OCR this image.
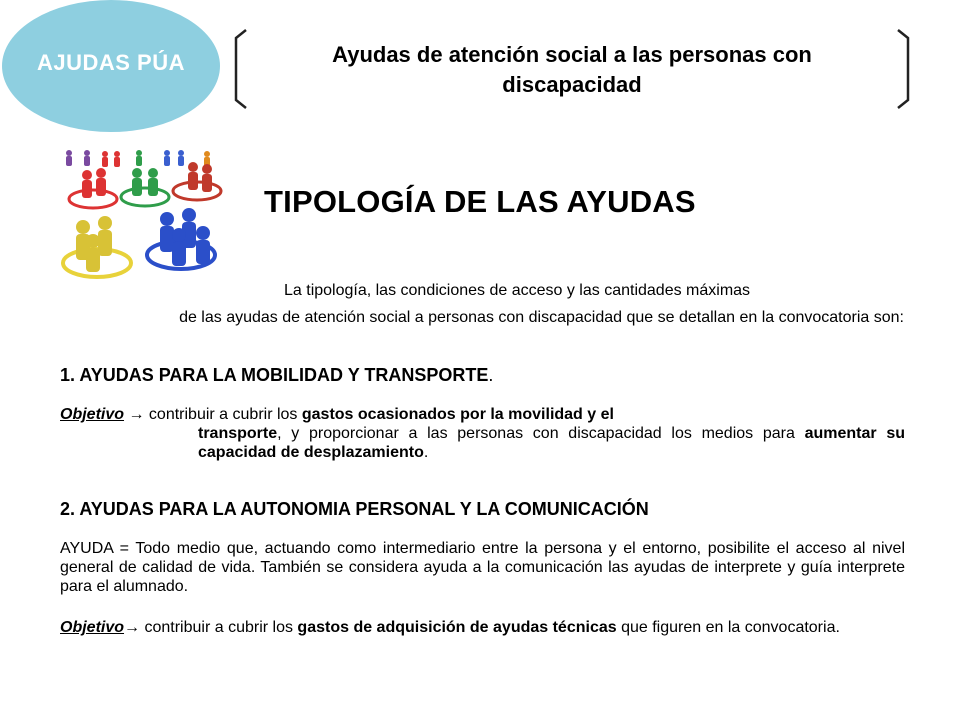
AJUDAS PÚA	Ayudas de atención social a las personas con discapacidad
TIPOLOGÍA DE LAS AYUDAS
La tipología, las condiciones de acceso y las cantidades máximas
de las ayudas de atención social a personas con discapacidad que se detallan en la convocatoria son:
1. AYUDAS PARA LA MOBILIDAD Y TRANSPORTE.
Objetivo → contribuir a cubrir los gastos ocasionados por la movilidad y el
transporte, y proporcionar a las personas con discapacidad los medios para aumentar su capacidad de desplazamiento.
2. AYUDAS PARA LA AUTONOMIA PERSONAL Y LA COMUNICACIÓN
AYUDA = Todo medio que, actuando como intermediario entre la persona y el entorno, posibilite el acceso al nivel general de calidad de vida. También se considera ayuda a la comunicación las ayudas de interprete y guía interprete para el alumnado.
Objetivo→ contribuir a cubrir los gastos de adquisición de ayudas técnicas que figuren en la convocatoria.
